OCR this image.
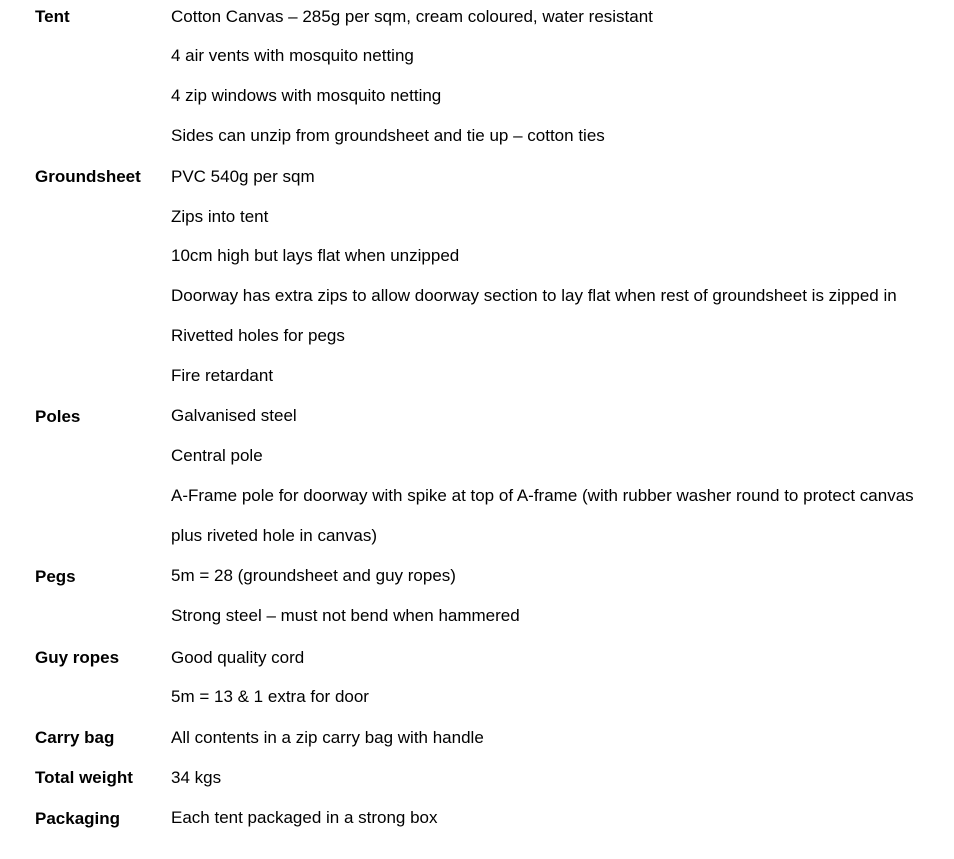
Tent	Cotton Canvas – 285g per sqm, cream coloured, water resistant
4 air vents with mosquito netting
4 zip windows with mosquito netting
Sides can unzip from groundsheet and tie up – cotton ties
Groundsheet PVC 540g per sqm
Zips into tent
10cm high but lays flat when unzipped
Doorway has extra zips to allow doorway section to lay flat when rest of groundsheet is zipped in
Rivetted holes for pegs
Fire retardant
Poles	Galvanised steel
Central pole
A-Frame pole for doorway with spike at top of A-frame (with rubber washer round to protect canvas
plus riveted hole in canvas)
Pegs	5m = 28 (groundsheet and guy ropes)
Strong steel – must not bend when hammered
Guy ropes	Good quality cord
5m = 13 & 1 extra for door
Carry bag	All contents in a zip carry bag with handle
Total weight 34 kgs
Packaging	Each tent packaged in a strong box
